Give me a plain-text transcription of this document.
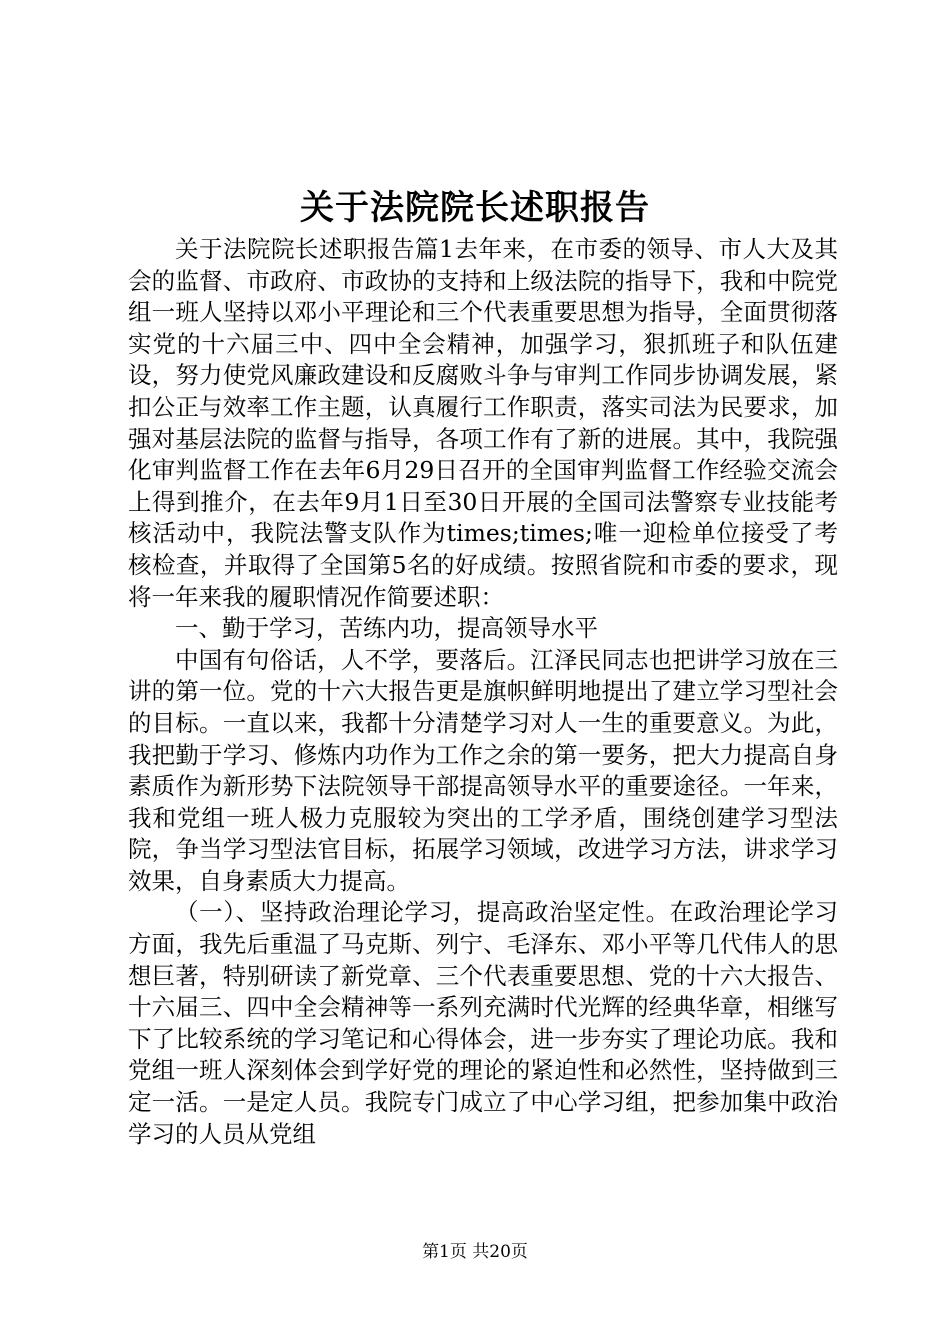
关于法院院长述职报告

关于法院院长述职报告篇1去年来，在市委的领导、市人大及其会的监督、市政府、市政协的支持和上级法院的指导下，我和中院党组一班人坚持以邓小平理论和三个代表重要思想为指导，全面贯彻落实党的十六届三中、四中全会精神，加强学习，狠抓班子和队伍建设，努力使党风廉政建设和反腐败斗争与审判工作同步协调发展，紧扣公正与效率工作主题，认真履行工作职责，落实司法为民要求，加强对基层法院的监督与指导，各项工作有了新的进展。其中，我院强化审判监督工作在去年6月29日召开的全国审判监督工作经验交流会上得到推介，在去年9月1日至30日开展的全国司法警察专业技能考核活动中，我院法警支队作为times;times;唯一迎检单位接受了考核检查，并取得了全国第5名的好成绩。按照省院和市委的要求，现将一年来我的履职情况作简要述职：

一、勤于学习，苦练内功，提高领导水平

中国有句俗话，人不学，要落后。江泽民同志也把讲学习放在三讲的第一位。党的十六大报告更是旗帜鲜明地提出了建立学习型社会的目标。一直以来，我都十分清楚学习对人一生的重要意义。为此，我把勤于学习、修炼内功作为工作之余的第一要务，把大力提高自身素质作为新形势下法院领导干部提高领导水平的重要途径。一年来，我和党组一班人极力克服较为突出的工学矛盾，围绕创建学习型法院，争当学习型法官目标，拓展学习领域，改进学习方法，讲求学习效果，自身素质大力提高。

（一）、坚持政治理论学习，提高政治坚定性。在政治理论学习方面，我先后重温了马克斯、列宁、毛泽东、邓小平等几代伟人的思想巨著，特别研读了新党章、三个代表重要思想、党的十六大报告、十六届三、四中全会精神等一系列充满时代光辉的经典华章，相继写下了比较系统的学习笔记和心得体会，进一步夯实了理论功底。我和党组一班人深刻体会到学好党的理论的紧迫性和必然性，坚持做到三定一活。一是定人员。我院专门成立了中心学习组，把参加集中政治学习的人员从党组

第1页 共20页
